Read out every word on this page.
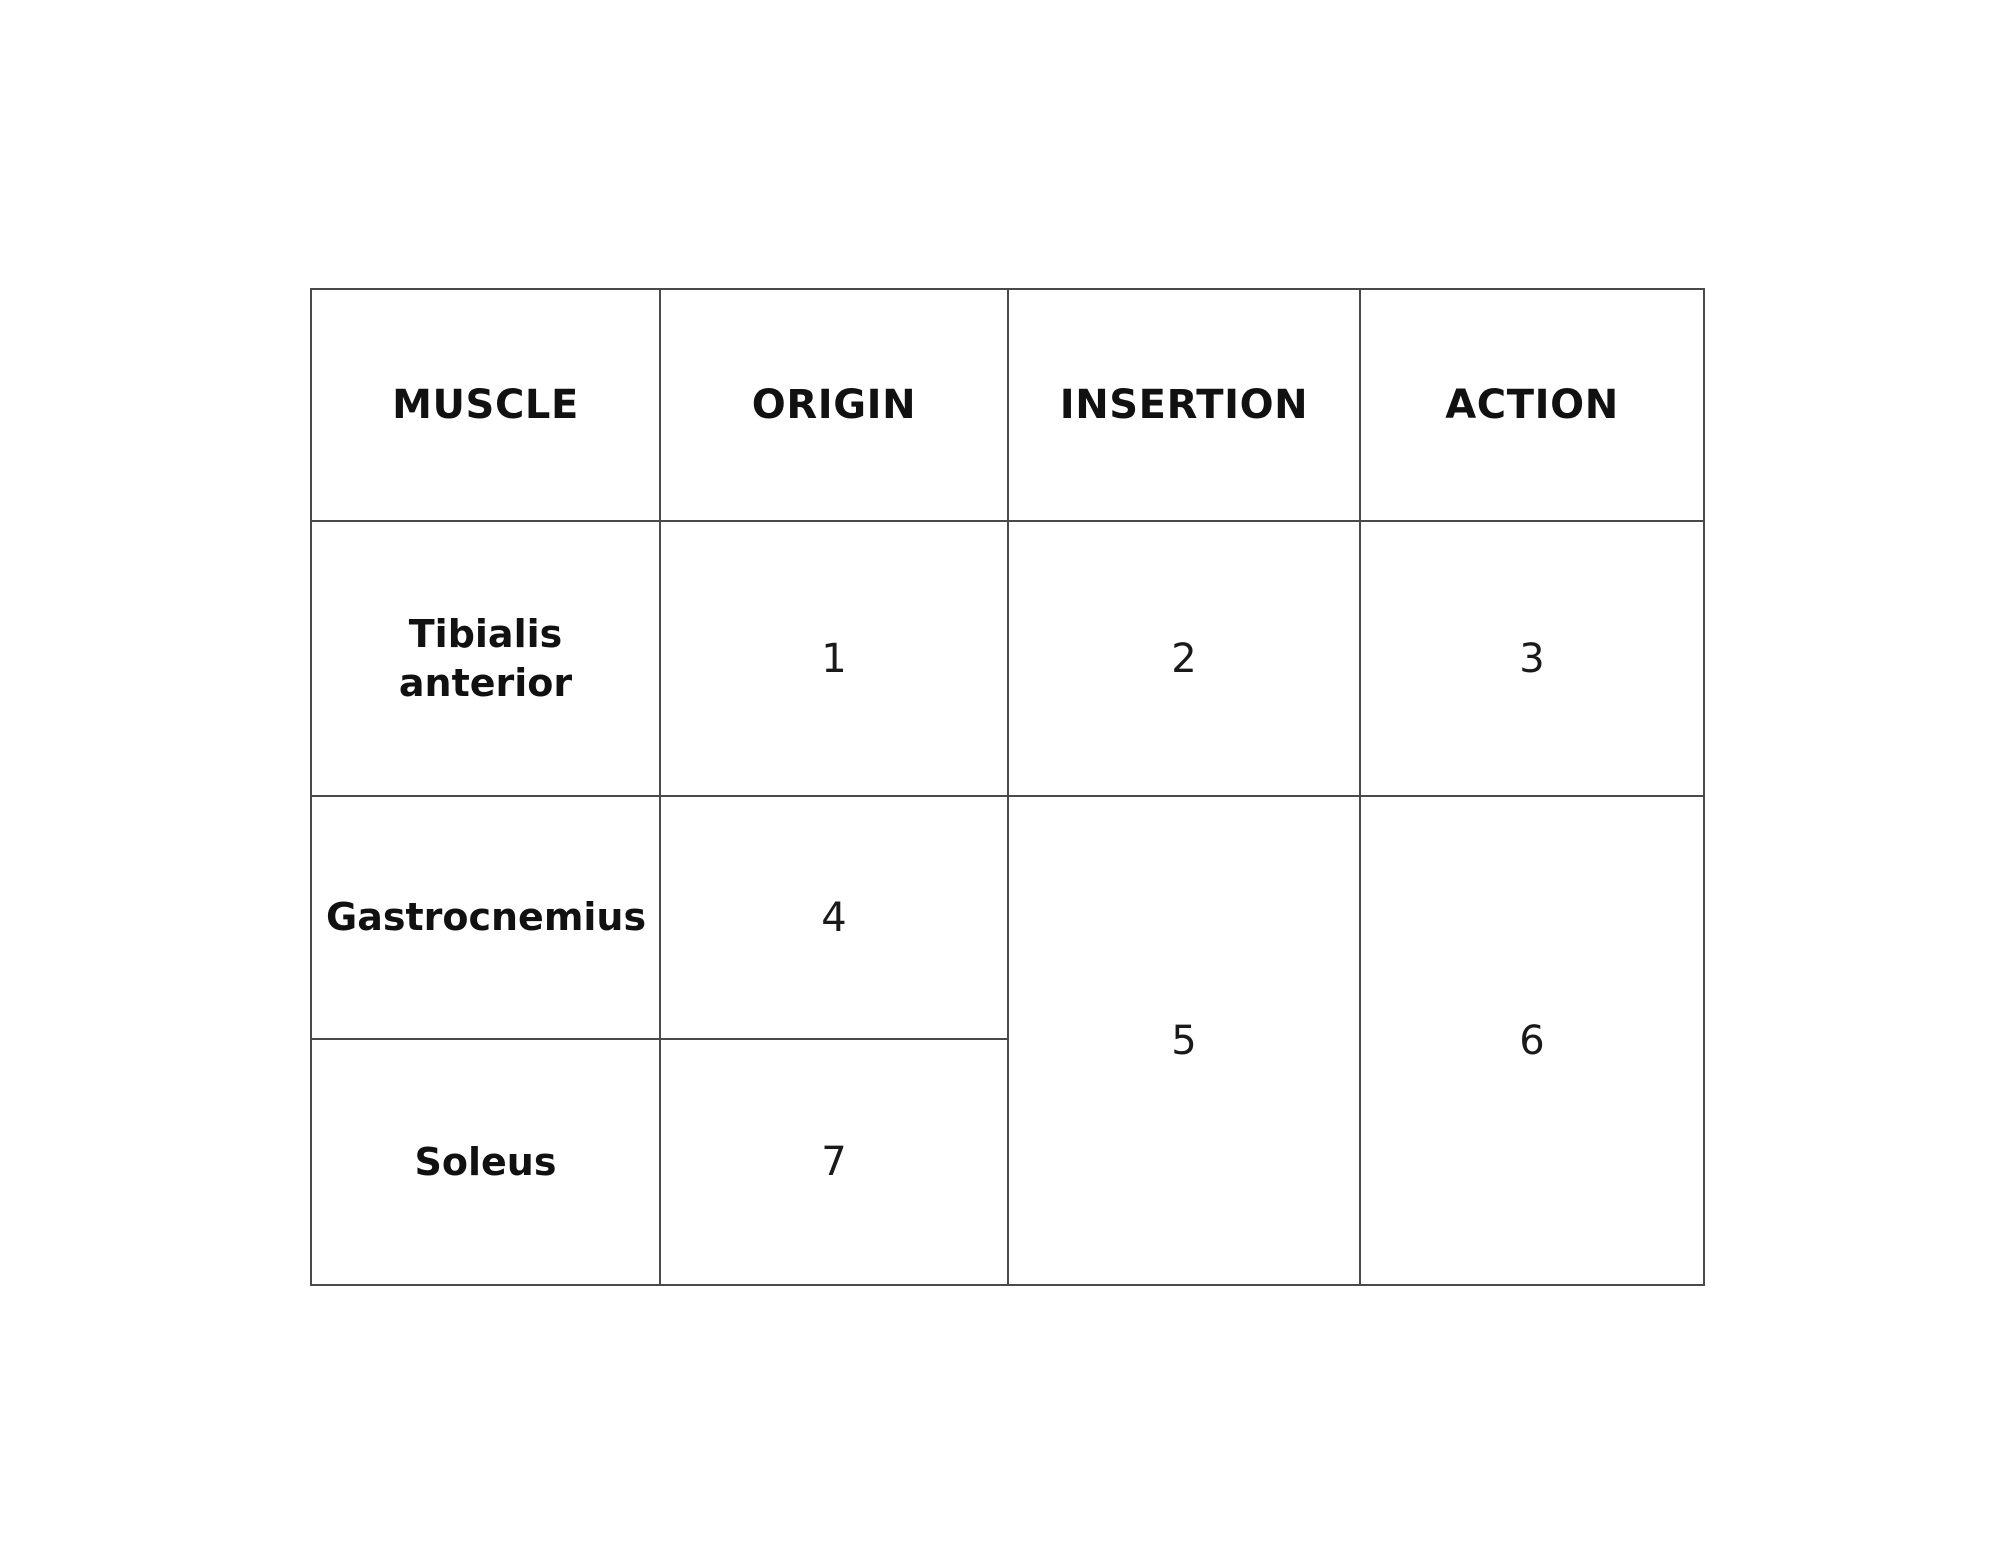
MUSCLE	ORIGIN	INSERTION	ACTION
Tibialis anterior	1	2	3
Gastrocnemius	4	5	6
Soleus	7		
